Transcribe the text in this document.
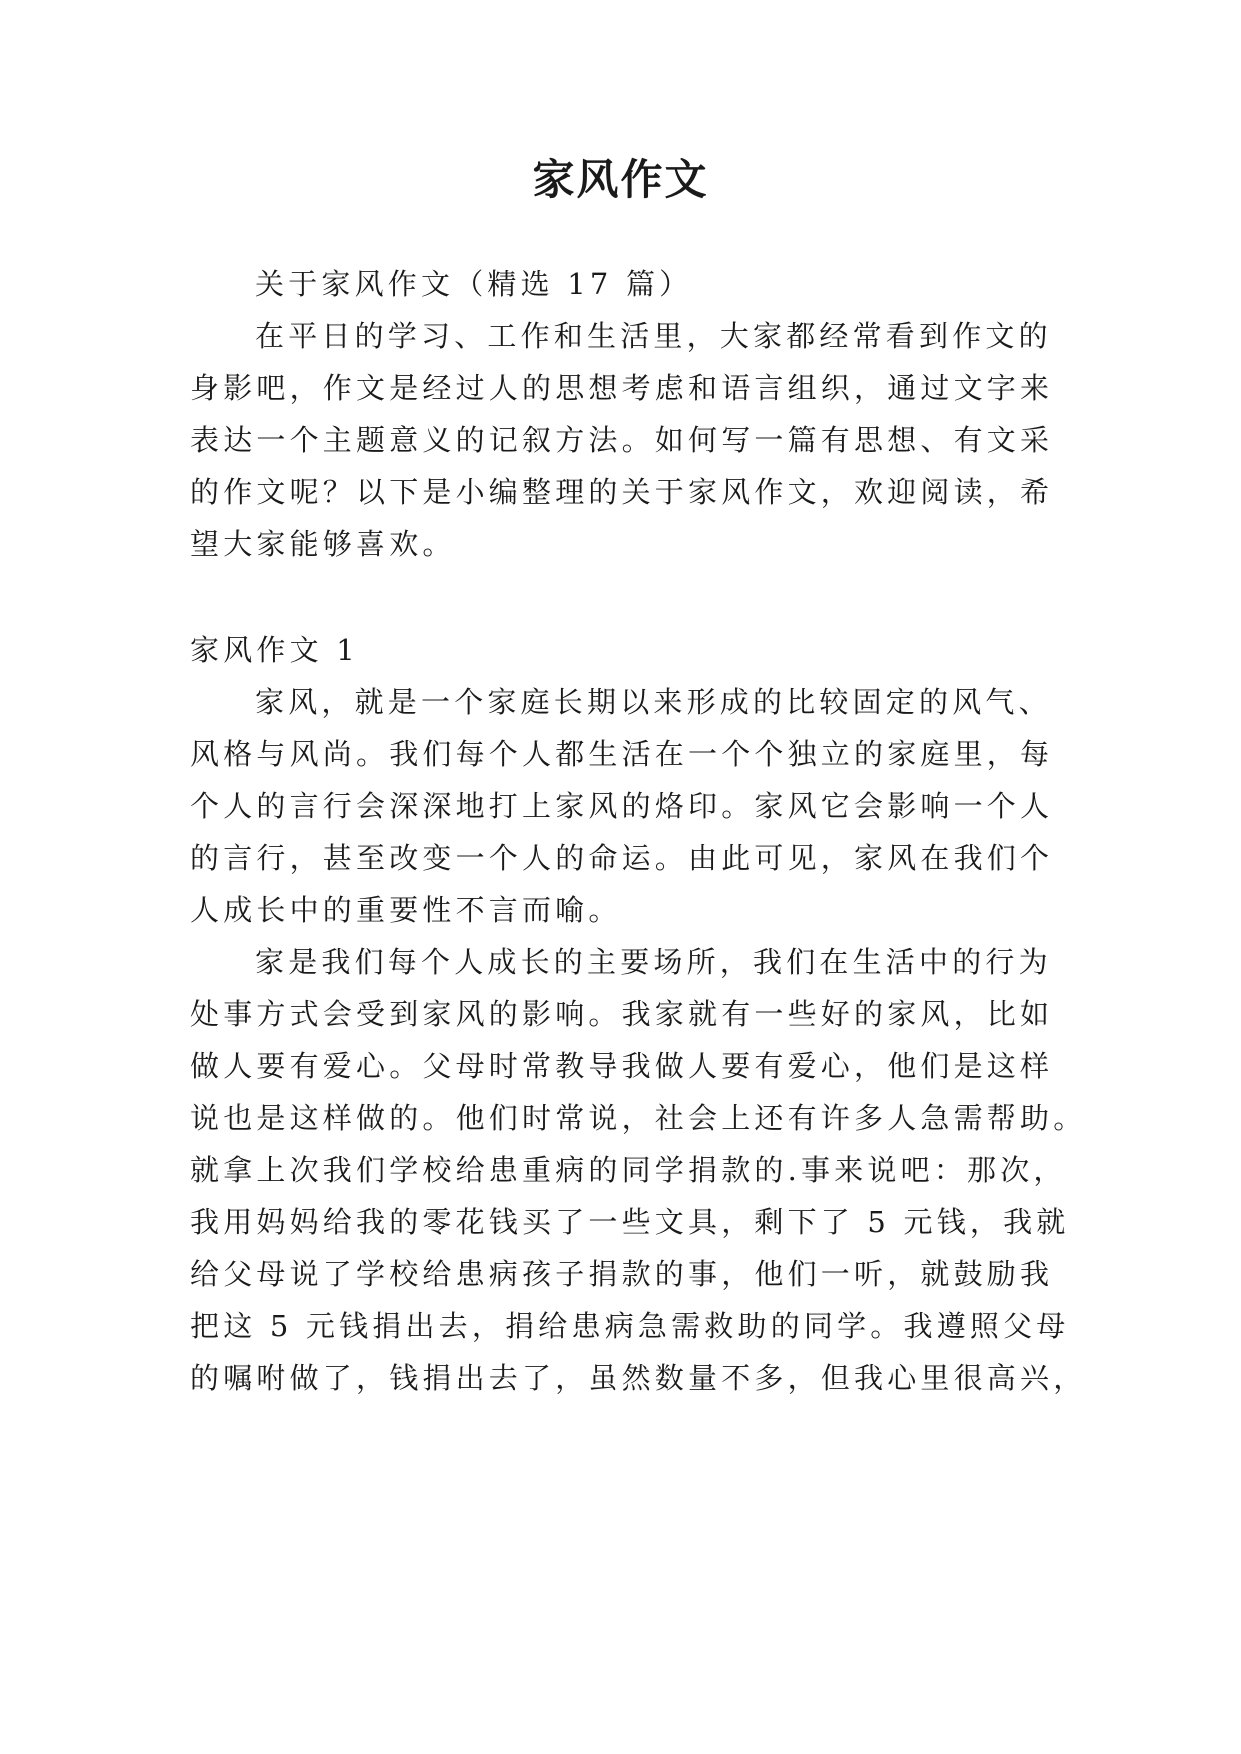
家风作文

关于家风作文（精选 17 篇）

在平日的学习、工作和生活里，大家都经常看到作文的

身影吧，作文是经过人的思想考虑和语言组织，通过文字来

表达一个主题意义的记叙方法。如何写一篇有思想、有文采

的作文呢？以下是小编整理的关于家风作文，欢迎阅读，希

望大家能够喜欢。

家风作文 1

家风，就是一个家庭长期以来形成的比较固定的风气、

风格与风尚。我们每个人都生活在一个个独立的家庭里，每

个人的言行会深深地打上家风的烙印。家风它会影响一个人

的言行，甚至改变一个人的命运。由此可见，家风在我们个

人成长中的重要性不言而喻。

家是我们每个人成长的主要场所，我们在生活中的行为

处事方式会受到家风的影响。我家就有一些好的家风，比如

做人要有爱心。父母时常教导我做人要有爱心，他们是这样

说也是这样做的。他们时常说，社会上还有许多人急需帮助。

就拿上次我们学校给患重病的同学捐款的.事来说吧：那次，

我用妈妈给我的零花钱买了一些文具，剩下了 5 元钱，我就

给父母说了学校给患病孩子捐款的事，他们一听，就鼓励我

把这 5 元钱捐出去，捐给患病急需救助的同学。我遵照父母

的嘱咐做了，钱捐出去了，虽然数量不多，但我心里很高兴，
